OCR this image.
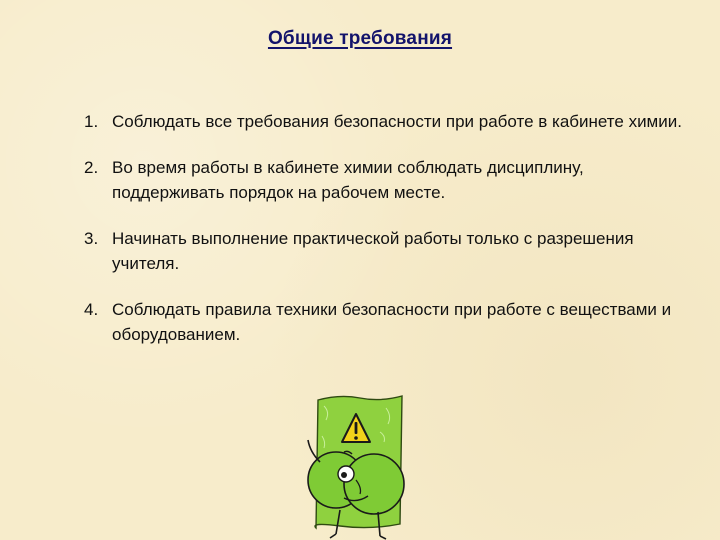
Общие требования
1. Соблюдать все требования безопасности при работе в кабинете химии.
2. Во время работы в кабинете химии соблюдать дисциплину, поддерживать порядок на рабочем месте.
3. Начинать выполнение практической работы только с разрешения учителя.
4. Соблюдать правила техники безопасности при работе с веществами и оборудованием.
